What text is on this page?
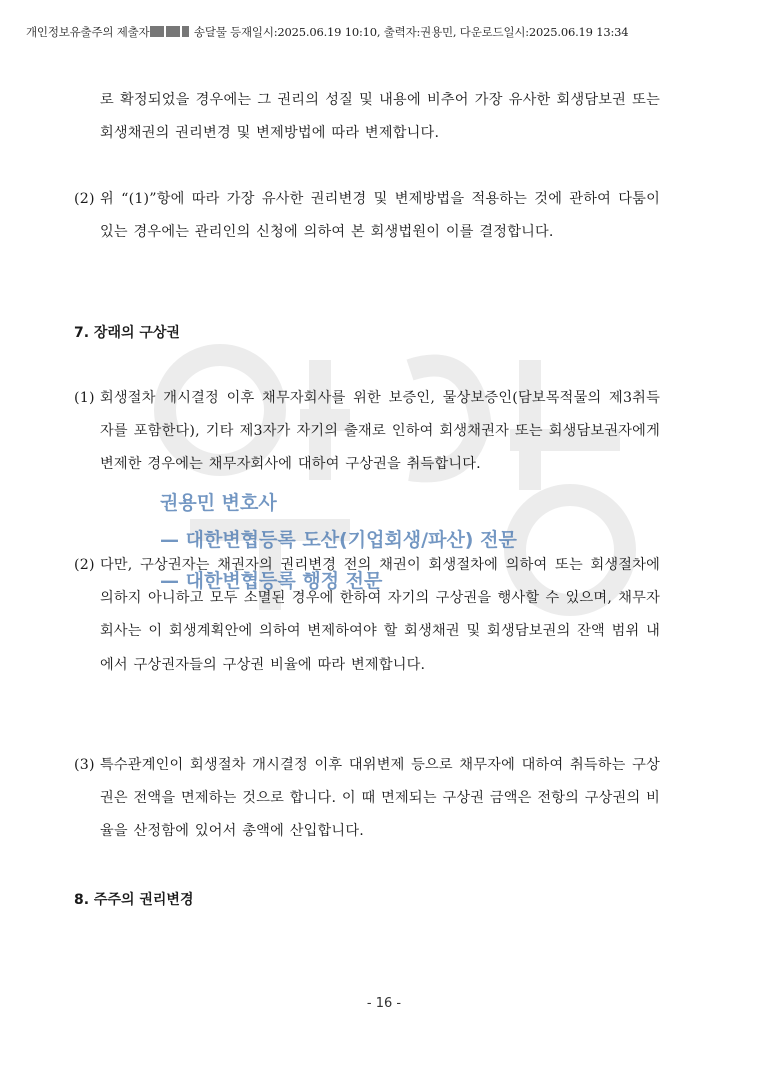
개인정보유출주의 제출자	송달물 등재일시:2025.06.19 10:10, 출력자:권용민, 다운로드일시:2025.06.19 13:34

로 확정되었을 경우에는 그 권리의 성질 및 내용에 비추어 가장 유사한 회생담보권 또는 회생채권의 권리변경 및 변제방법에 따라 변제합니다.

(2) 위 “(1)”항에 따라 가장 유사한 권리변경 및 변제방법을 적용하는 것에 관하여 다툼이 있는 경우에는 관리인의 신청에 의하여 본 회생법원이 이를 결정합니다.
7. 장래의 구상권
(1) 회생절차 개시결정 이후 채무자회사를 위한 보증인, 물상보증인(담보목적물의 제3취득자를 포함한다), 기타 제3자가 자기의 출재로 인하여 회생채권자 또는 회생담보권자에게 변제한 경우에는 채무자회사에 대하여 구상권을 취득합니다.
(2) 다만, 구상권자는 채권자의 권리변경 전의 채권이 회생절차에 의하여 또는 회생절차에 의하지 아니하고 모두 소멸된 경우에 한하여 자기의 구상권을 행사할 수 있으며, 채무자회사는 이 회생계획안에 의하여 변제하여야 할 회생채권 및 회생담보권의 잔액 범위 내에서 구상권자들의 구상권 비율에 따라 변제합니다.
(3) 특수관계인이 회생절차 개시결정 이후 대위변제 등으로 채무자에 대하여 취득하는 구상권은 전액을 면제하는 것으로 합니다. 이 때 면제되는 구상권 금액은 전항의 구상권의 비율을 산정함에 있어서 총액에 산입합니다.
8. 주주의 권리변경
권용민 변호사
— 대한변협등록 도산(기업회생/파산) 전문
— 대한변협등록 행정 전문
- 16 -
